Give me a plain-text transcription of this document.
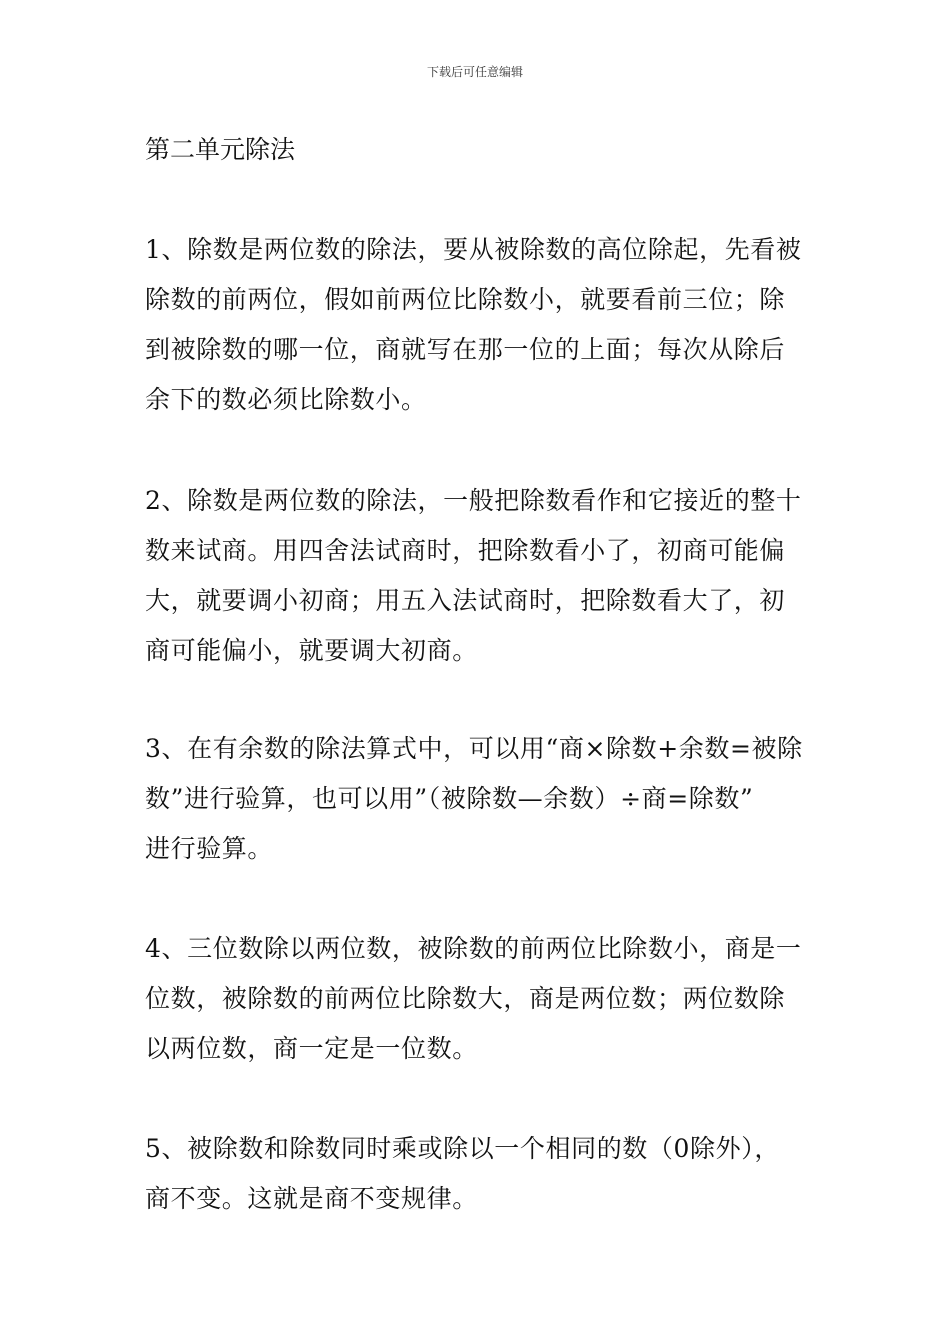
下载后可任意编辑
第二单元除法
1、除数是两位数的除法，要从被除数的高位除起，先看被
除数的前两位，假如前两位比除数小，就要看前三位；除
到被除数的哪一位，商就写在那一位的上面；每次从除后
余下的数必须比除数小。
2、除数是两位数的除法，一般把除数看作和它接近的整十
数来试商。用四舍法试商时，把除数看小了，初商可能偏
大，就要调小初商；用五入法试商时，把除数看大了，初
商可能偏小，就要调大初商。
3、在有余数的除法算式中，可以用“商×除数+余数=被除
数”进行验算，也可以用”（被除数—余数）÷商=除数”
进行验算。
4、三位数除以两位数，被除数的前两位比除数小，商是一
位数，被除数的前两位比除数大，商是两位数；两位数除
以两位数，商一定是一位数。
5、被除数和除数同时乘或除以一个相同的数（0除外），
商不变。这就是商不变规律。
